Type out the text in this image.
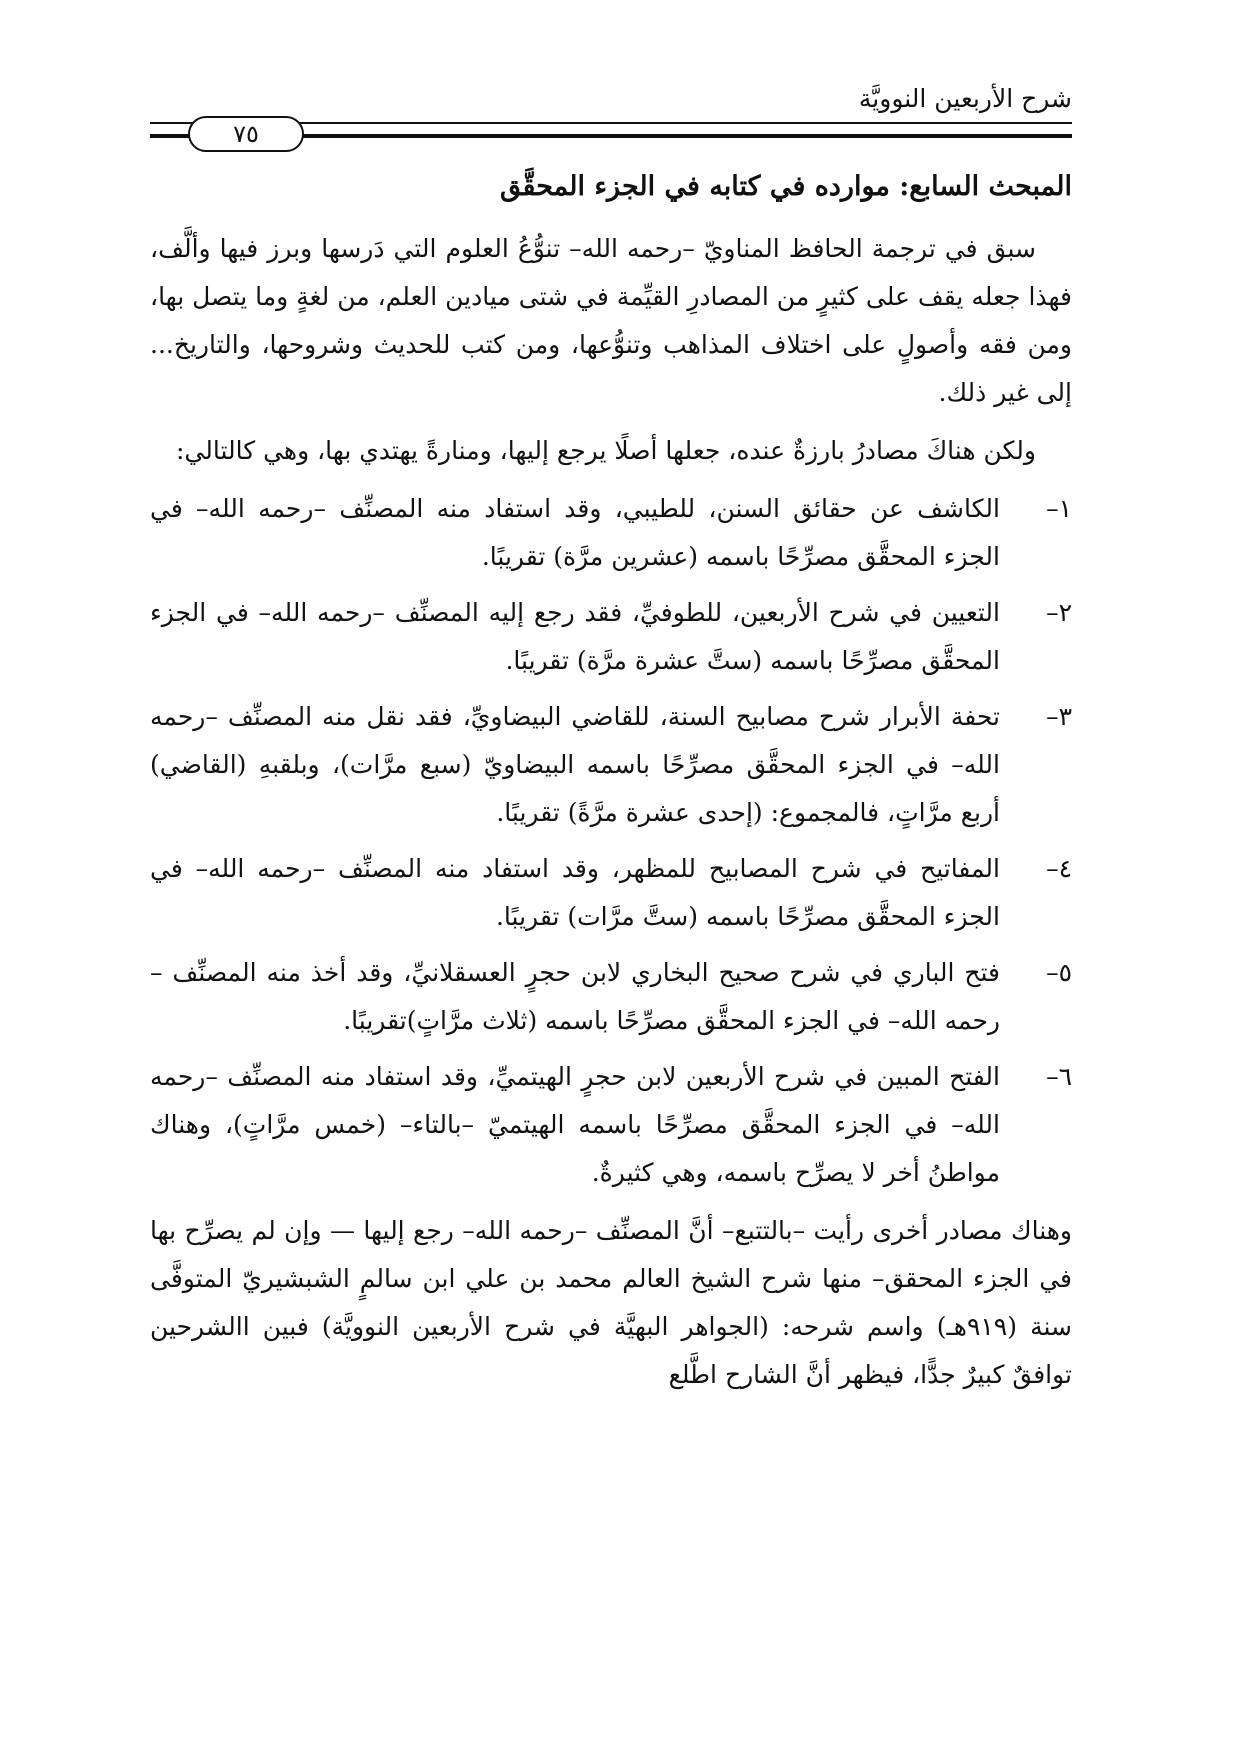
شرح الأربعين النوويَّة
٧٥
المبحث السابع: موارده في كتابه في الجزء المحقَّق

سبق في ترجمة الحافظ المناويّ –رحمه الله– تنوُّعُ العلوم التي دَرسها وبرز فيها وألَّف، فهذا جعله يقف على كثيرٍ من المصادرِ القيِّمة في شتى ميادين العلم، من لغةٍ وما يتصل بها، ومن فقه وأصولٍ على اختلاف المذاهب وتنوُّعها، ومن كتب للحديث وشروحها، والتاريخ... إلى غير ذلك.

ولكن هناكَ مصادرُ بارزةٌ عنده، جعلها أصلًا يرجع إليها، ومنارةً يهتدي بها، وهي كالتالي:

١–
الكاشف عن حقائق السنن، للطيبي، وقد استفاد منه المصنِّف –رحمه الله– في الجزء المحقَّق مصرِّحًا باسمه (عشرين مرَّة) تقريبًا.
٢–
التعيين في شرح الأربعين، للطوفيِّ، فقد رجع إليه المصنِّف –رحمه الله– في الجزء المحقَّق مصرِّحًا باسمه (ستَّ عشرة مرَّة) تقريبًا.
٣–
تحفة الأبرار شرح مصابيح السنة، للقاضي البيضاويِّ، فقد نقل منه المصنِّف –رحمه الله– في الجزء المحقَّق مصرِّحًا باسمه البيضاويّ (سبع مرَّات)، وبلقبهِ (القاضي) أربع مرَّاتٍ، فالمجموع: (إحدى عشرة مرَّةً) تقريبًا.
٤–
المفاتيح في شرح المصابيح للمظهر، وقد استفاد منه المصنِّف –رحمه الله– في الجزء المحقَّق مصرِّحًا باسمه (ستَّ مرَّات) تقريبًا.
٥–
فتح الباري في شرح صحيح البخاري لابن حجرٍ العسقلانيِّ، وقد أخذ منه المصنِّف –رحمه الله– في الجزء المحقَّق مصرِّحًا باسمه (ثلاث مرَّاتٍ)تقريبًا.
٦–
الفتح المبين في شرح الأربعين لابن حجرٍ الهيتميِّ، وقد استفاد منه المصنِّف –رحمه الله– في الجزء المحقَّق مصرِّحًا باسمه الهيتميّ –بالتاء– (خمس مرَّاتٍ)، وهناك مواطنُ أخر لا يصرِّح باسمه، وهي كثيرةٌ.

وهناك مصادر أخرى رأيت –بالتتبع– أنَّ المصنِّف –رحمه الله– رجع إليها — وإن لم يصرِّح بها في الجزء المحقق– منها شرح الشيخ العالم محمد بن علي ابن سالمٍ الشبشيريّ المتوفَّى سنة (٩١٩هـ) واسم شرحه: (الجواهر البهيَّة في شرح الأربعين النوويَّة) فبين االشرحين توافقٌ كبيرٌ جدًّا، فيظهر أنَّ الشارح اطَّلع
